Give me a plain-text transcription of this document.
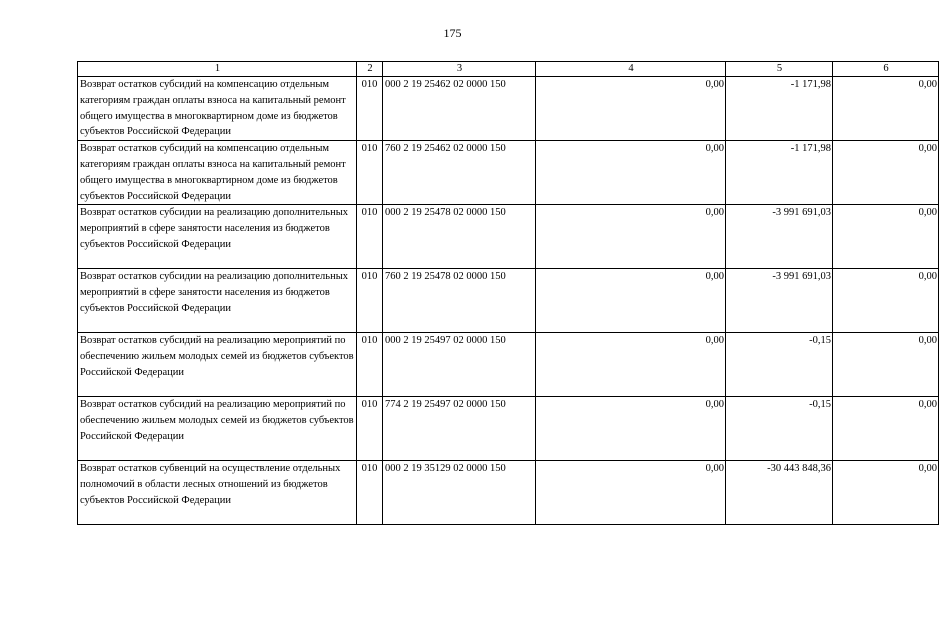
175
1	2	3	4	5	6
Возврат остатков субсидий на компенсацию отдельным категориям граждан оплаты взноса на капитальный ремонт общего имущества в многоквартирном доме из бюджетов субъектов Российской Федерации	010	000 2 19 25462 02 0000 150	0,00	-1 171,98	0,00
Возврат остатков субсидий на компенсацию отдельным категориям граждан оплаты взноса на капитальный ремонт общего имущества в многоквартирном доме из бюджетов субъектов Российской Федерации	010	760 2 19 25462 02 0000 150	0,00	-1 171,98	0,00
Возврат остатков субсидии на реализацию дополнительных мероприятий в сфере занятости населения из бюджетов субъектов Российской Федерации	010	000 2 19 25478 02 0000 150	0,00	-3 991 691,03	0,00
Возврат остатков субсидии на реализацию дополнительных мероприятий в сфере занятости населения из бюджетов субъектов Российской Федерации	010	760 2 19 25478 02 0000 150	0,00	-3 991 691,03	0,00
Возврат остатков субсидий на реализацию мероприятий по обеспечению жильем молодых семей из бюджетов субъектов Российской Федерации	010	000 2 19 25497 02 0000 150	0,00	-0,15	0,00
Возврат остатков субсидий на реализацию мероприятий по обеспечению жильем молодых семей из бюджетов субъектов Российской Федерации	010	774 2 19 25497 02 0000 150	0,00	-0,15	0,00
Возврат остатков субвенций на осуществление отдельных полномочий в области лесных отношений из бюджетов субъектов Российской Федерации	010	000 2 19 35129 02 0000 150	0,00	-30 443 848,36	0,00
